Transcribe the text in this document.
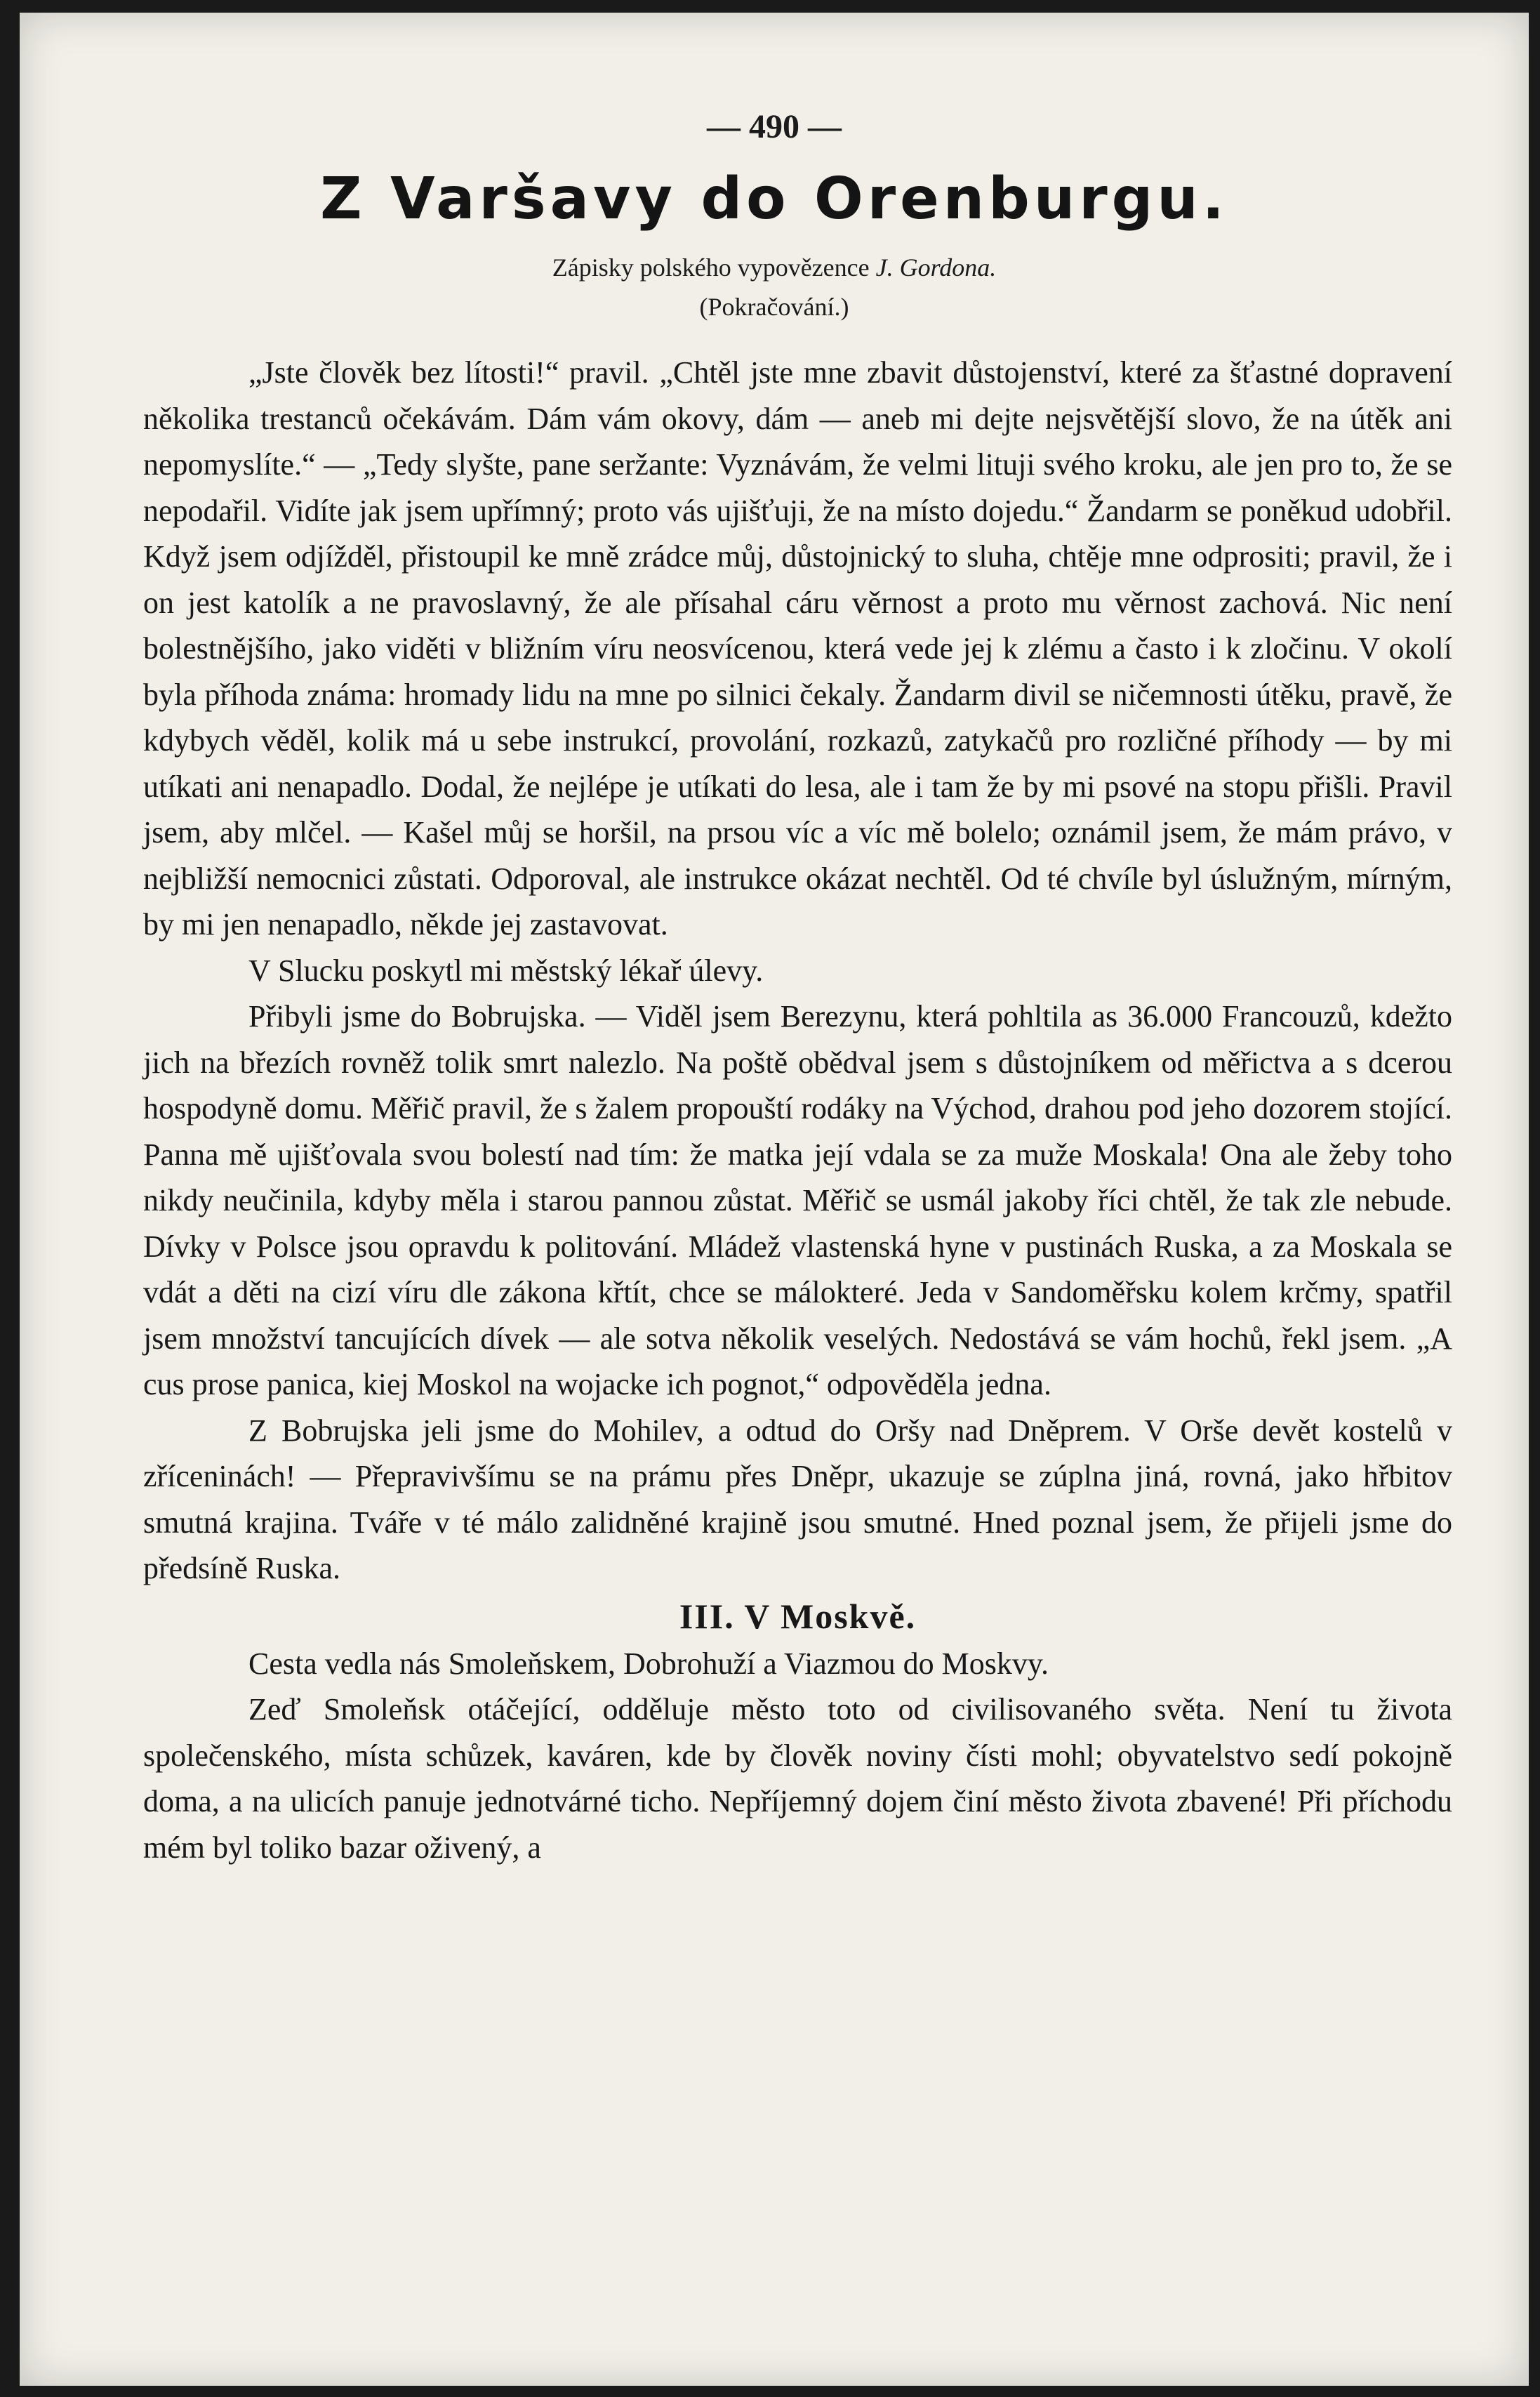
— 490 —
Z Varšavy do Orenburgu.
Zápisky polského vypovězence J. Gordona.
(Pokračování.)

„Jste člověk bez lítosti!“ pravil. „Chtěl jste mne zbavit důstojenství, které za šťastné dopravení několika trestanců očekávám. Dám vám okovy, dám — aneb mi dejte nejsvětější slovo, že na útěk ani nepomyslíte.“ — „Tedy slyšte, pane seržante: Vyznávám, že velmi lituji svého kroku, ale jen pro to, že se nepodařil. Vidíte jak jsem upřímný; proto vás ujišťuji, že na místo dojedu.“ Žandarm se poněkud udobřil. Když jsem odjížděl, přistoupil ke mně zrádce můj, důstojnický to sluha, chtěje mne odprositi; pravil, že i on jest katolík a ne pravoslavný, že ale přísahal cáru věrnost a proto mu věrnost zachová. Nic není bolestnějšího, jako viděti v bližním víru neosvícenou, která vede jej k zlému a často i k zločinu. V okolí byla příhoda známa: hromady lidu na mne po silnici čekaly. Žandarm divil se ničemnosti útěku, pravě, že kdybych věděl, kolik má u sebe instrukcí, provolání, rozkazů, zatykačů pro rozličné příhody — by mi utíkati ani nenapadlo. Dodal, že nejlépe je utíkati do lesa, ale i tam že by mi psové na stopu přišli. Pravil jsem, aby mlčel. — Kašel můj se horšil, na prsou víc a víc mě bolelo; oznámil jsem, že mám právo, v nejbližší nemocnici zůstati. Odporoval, ale instrukce okázat nechtěl. Od té chvíle byl úslužným, mírným, by mi jen nenapadlo, někde jej zastavovat.

V Slucku poskytl mi městský lékař úlevy.

Přibyli jsme do Bobrujska. — Viděl jsem Berezynu, která pohltila as 36.000 Francouzů, kdežto jich na březích rovněž tolik smrt nalezlo. Na poště obědval jsem s důstojníkem od měřictva a s dcerou hospodyně domu. Měřič pravil, že s žalem propouští rodáky na Východ, drahou pod jeho dozorem stojící. Panna mě ujišťovala svou bolestí nad tím: že matka její vdala se za muže Moskala! Ona ale žeby toho nikdy neučinila, kdyby měla i starou pannou zůstat. Měřič se usmál jakoby říci chtěl, že tak zle nebude. Dívky v Polsce jsou opravdu k politování. Mládež vlastenská hyne v pustinách Ruska, a za Moskala se vdát a děti na cizí víru dle zákona křtít, chce se málokteré. Jeda v Sandoměřsku kolem krčmy, spatřil jsem množství tancujících dívek — ale sotva několik veselých. Nedostává se vám hochů, řekl jsem. „A cus prose panica, kiej Moskol na wojacke ich pognot,“ odpověděla jedna.

Z Bobrujska jeli jsme do Mohilev, a odtud do Oršy nad Dněprem. V Orše devět kostelů v zříceninách! — Přepravivšímu se na prámu přes Dněpr, ukazuje se zúplna jiná, rovná, jako hřbitov smutná krajina. Tváře v té málo zalidněné krajině jsou smutné. Hned poznal jsem, že přijeli jsme do předsíně Ruska.

III. V Moskvě.

Cesta vedla nás Smoleňskem, Dobrohuží a Viazmou do Moskvy.

Zeď Smoleňsk otáčející, odděluje město toto od civilisovaného světa. Není tu života společenského, místa schůzek, kaváren, kde by člověk noviny čísti mohl; obyvatelstvo sedí pokojně doma, a na ulicích panuje jednotvárné ticho. Nepříjemný dojem činí město života zbavené! Při příchodu mém byl toliko bazar oživený, a
